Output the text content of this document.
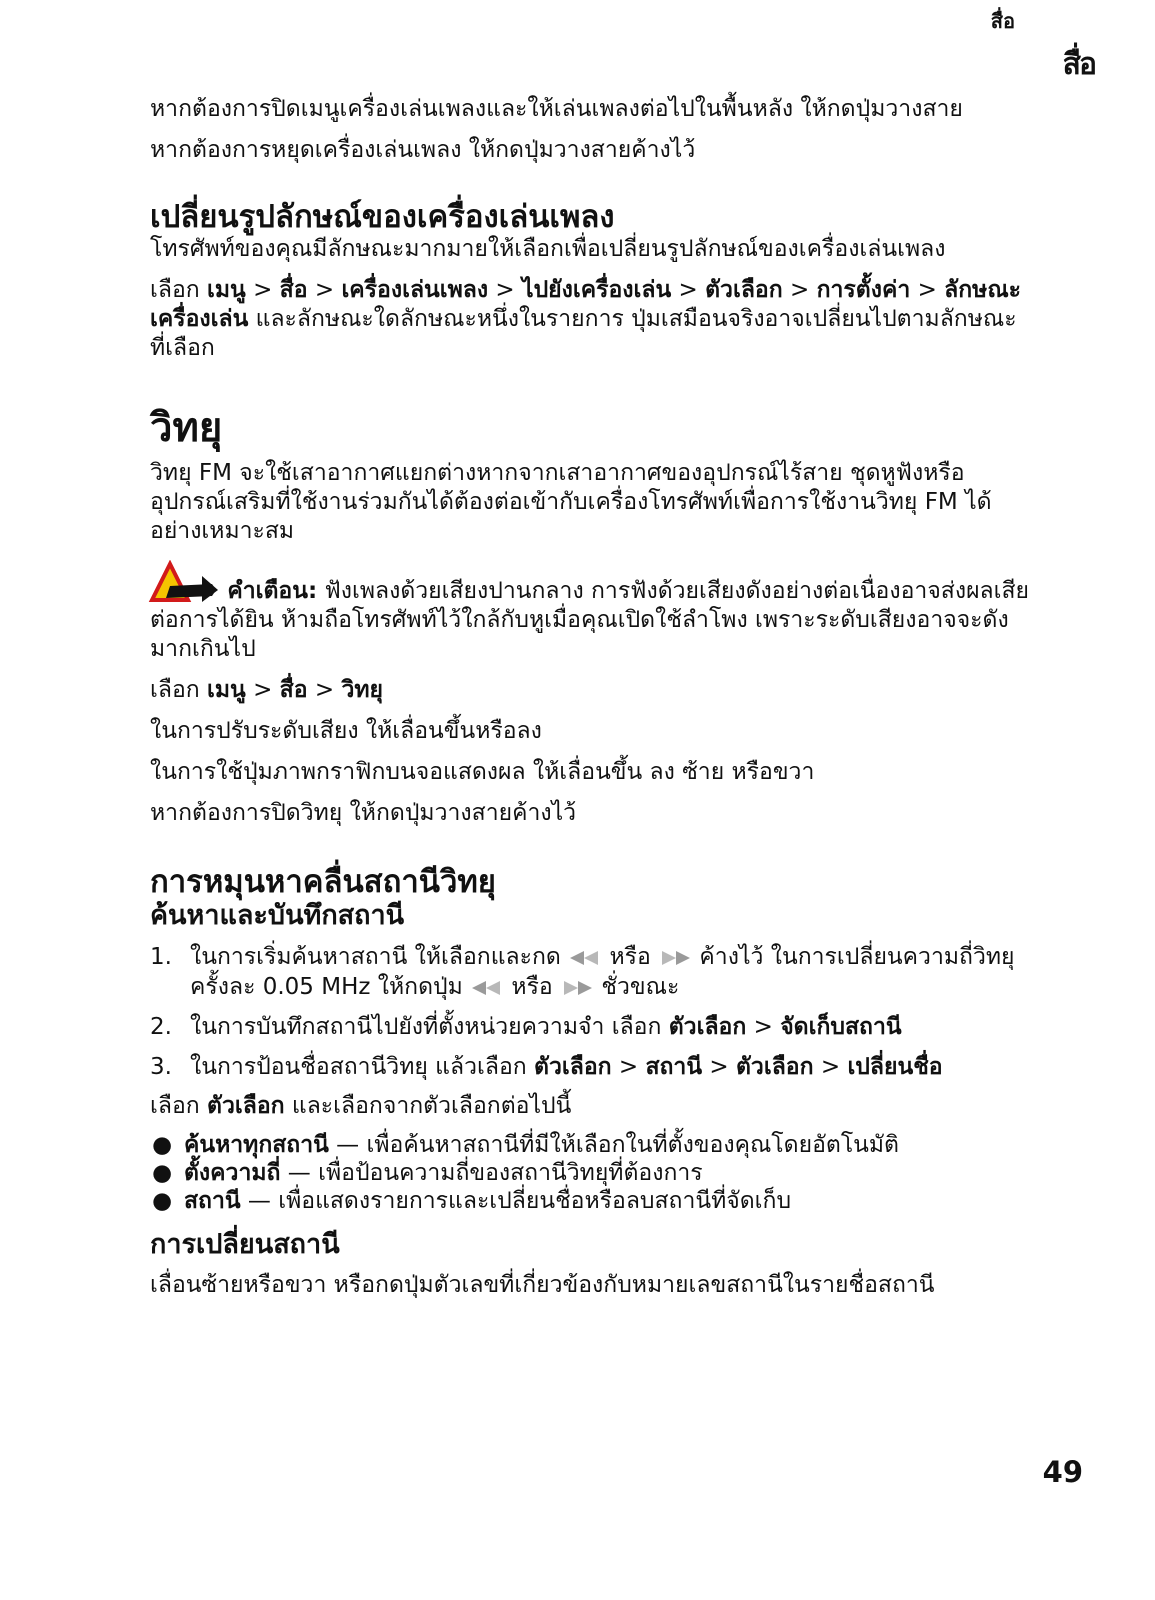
สื่อ
สื่อ

หากต้องการปิดเมนูเครื่องเล่นเพลงและให้เล่นเพลงต่อไปในพื้นหลัง ให้กดปุ่มวางสาย

หากต้องการหยุดเครื่องเล่นเพลง ให้กดปุ่มวางสายค้างไว้

เปลี่ยนรูปลักษณ์ของเครื่องเล่นเพลง

โทรศัพท์ของคุณมีลักษณะมากมายให้เลือกเพื่อเปลี่ยนรูปลักษณ์ของเครื่องเล่นเพลง

เลือก เมนู > สื่อ > เครื่องเล่นเพลง > ไปยังเครื่องเล่น > ตัวเลือก > การตั้งค่า > ลักษณะเครื่องเล่น และลักษณะใดลักษณะหนึ่งในรายการ ปุ่มเสมือนจริงอาจเปลี่ยนไปตามลักษณะที่เลือก

วิทยุ

วิทยุ FM จะใช้เสาอากาศแยกต่างหากจากเสาอากาศของอุปกรณ์ไร้สาย ชุดหูฟังหรืออุปกรณ์เสริมที่ใช้งานร่วมกันได้ต้องต่อเข้ากับเครื่องโทรศัพท์เพื่อการใช้งานวิทยุ FM ได้อย่างเหมาะสม

คำเตือน: ฟังเพลงด้วยเสียงปานกลาง การฟังด้วยเสียงดังอย่างต่อเนื่องอาจส่งผลเสียต่อการได้ยิน ห้ามถือโทรศัพท์ไว้ใกล้กับหูเมื่อคุณเปิดใช้ลำโพง เพราะระดับเสียงอาจจะดังมากเกินไป

เลือก เมนู > สื่อ > วิทยุ

ในการปรับระดับเสียง ให้เลื่อนขึ้นหรือลง

ในการใช้ปุ่มภาพกราฟิกบนจอแสดงผล ให้เลื่อนขึ้น ลง ซ้าย หรือขวา

หากต้องการปิดวิทยุ ให้กดปุ่มวางสายค้างไว้

การหมุนหาคลื่นสถานีวิทยุ
ค้นหาและบันทึกสถานี
1. ในการเริ่มค้นหาสถานี ให้เลือกและกด หรือ ค้างไว้ ในการเปลี่ยนความถี่วิทยุครั้งละ 0.05 MHz ให้กดปุ่ม หรือ ชั่วขณะ
2. ในการบันทึกสถานีไปยังที่ตั้งหน่วยความจำ เลือก ตัวเลือก > จัดเก็บสถานี
3. ในการป้อนชื่อสถานีวิทยุ แล้วเลือก ตัวเลือก > สถานี > ตัวเลือก > เปลี่ยนชื่อ

เลือก ตัวเลือก และเลือกจากตัวเลือกต่อไปนี้

● ค้นหาทุกสถานี — เพื่อค้นหาสถานีที่มีให้เลือกในที่ตั้งของคุณโดยอัตโนมัติ
● ตั้งความถี่ — เพื่อป้อนความถี่ของสถานีวิทยุที่ต้องการ
● สถานี — เพื่อแสดงรายการและเปลี่ยนชื่อหรือลบสถานีที่จัดเก็บ
การเปลี่ยนสถานี

เลื่อนซ้ายหรือขวา หรือกดปุ่มตัวเลขที่เกี่ยวข้องกับหมายเลขสถานีในรายชื่อสถานี

49
